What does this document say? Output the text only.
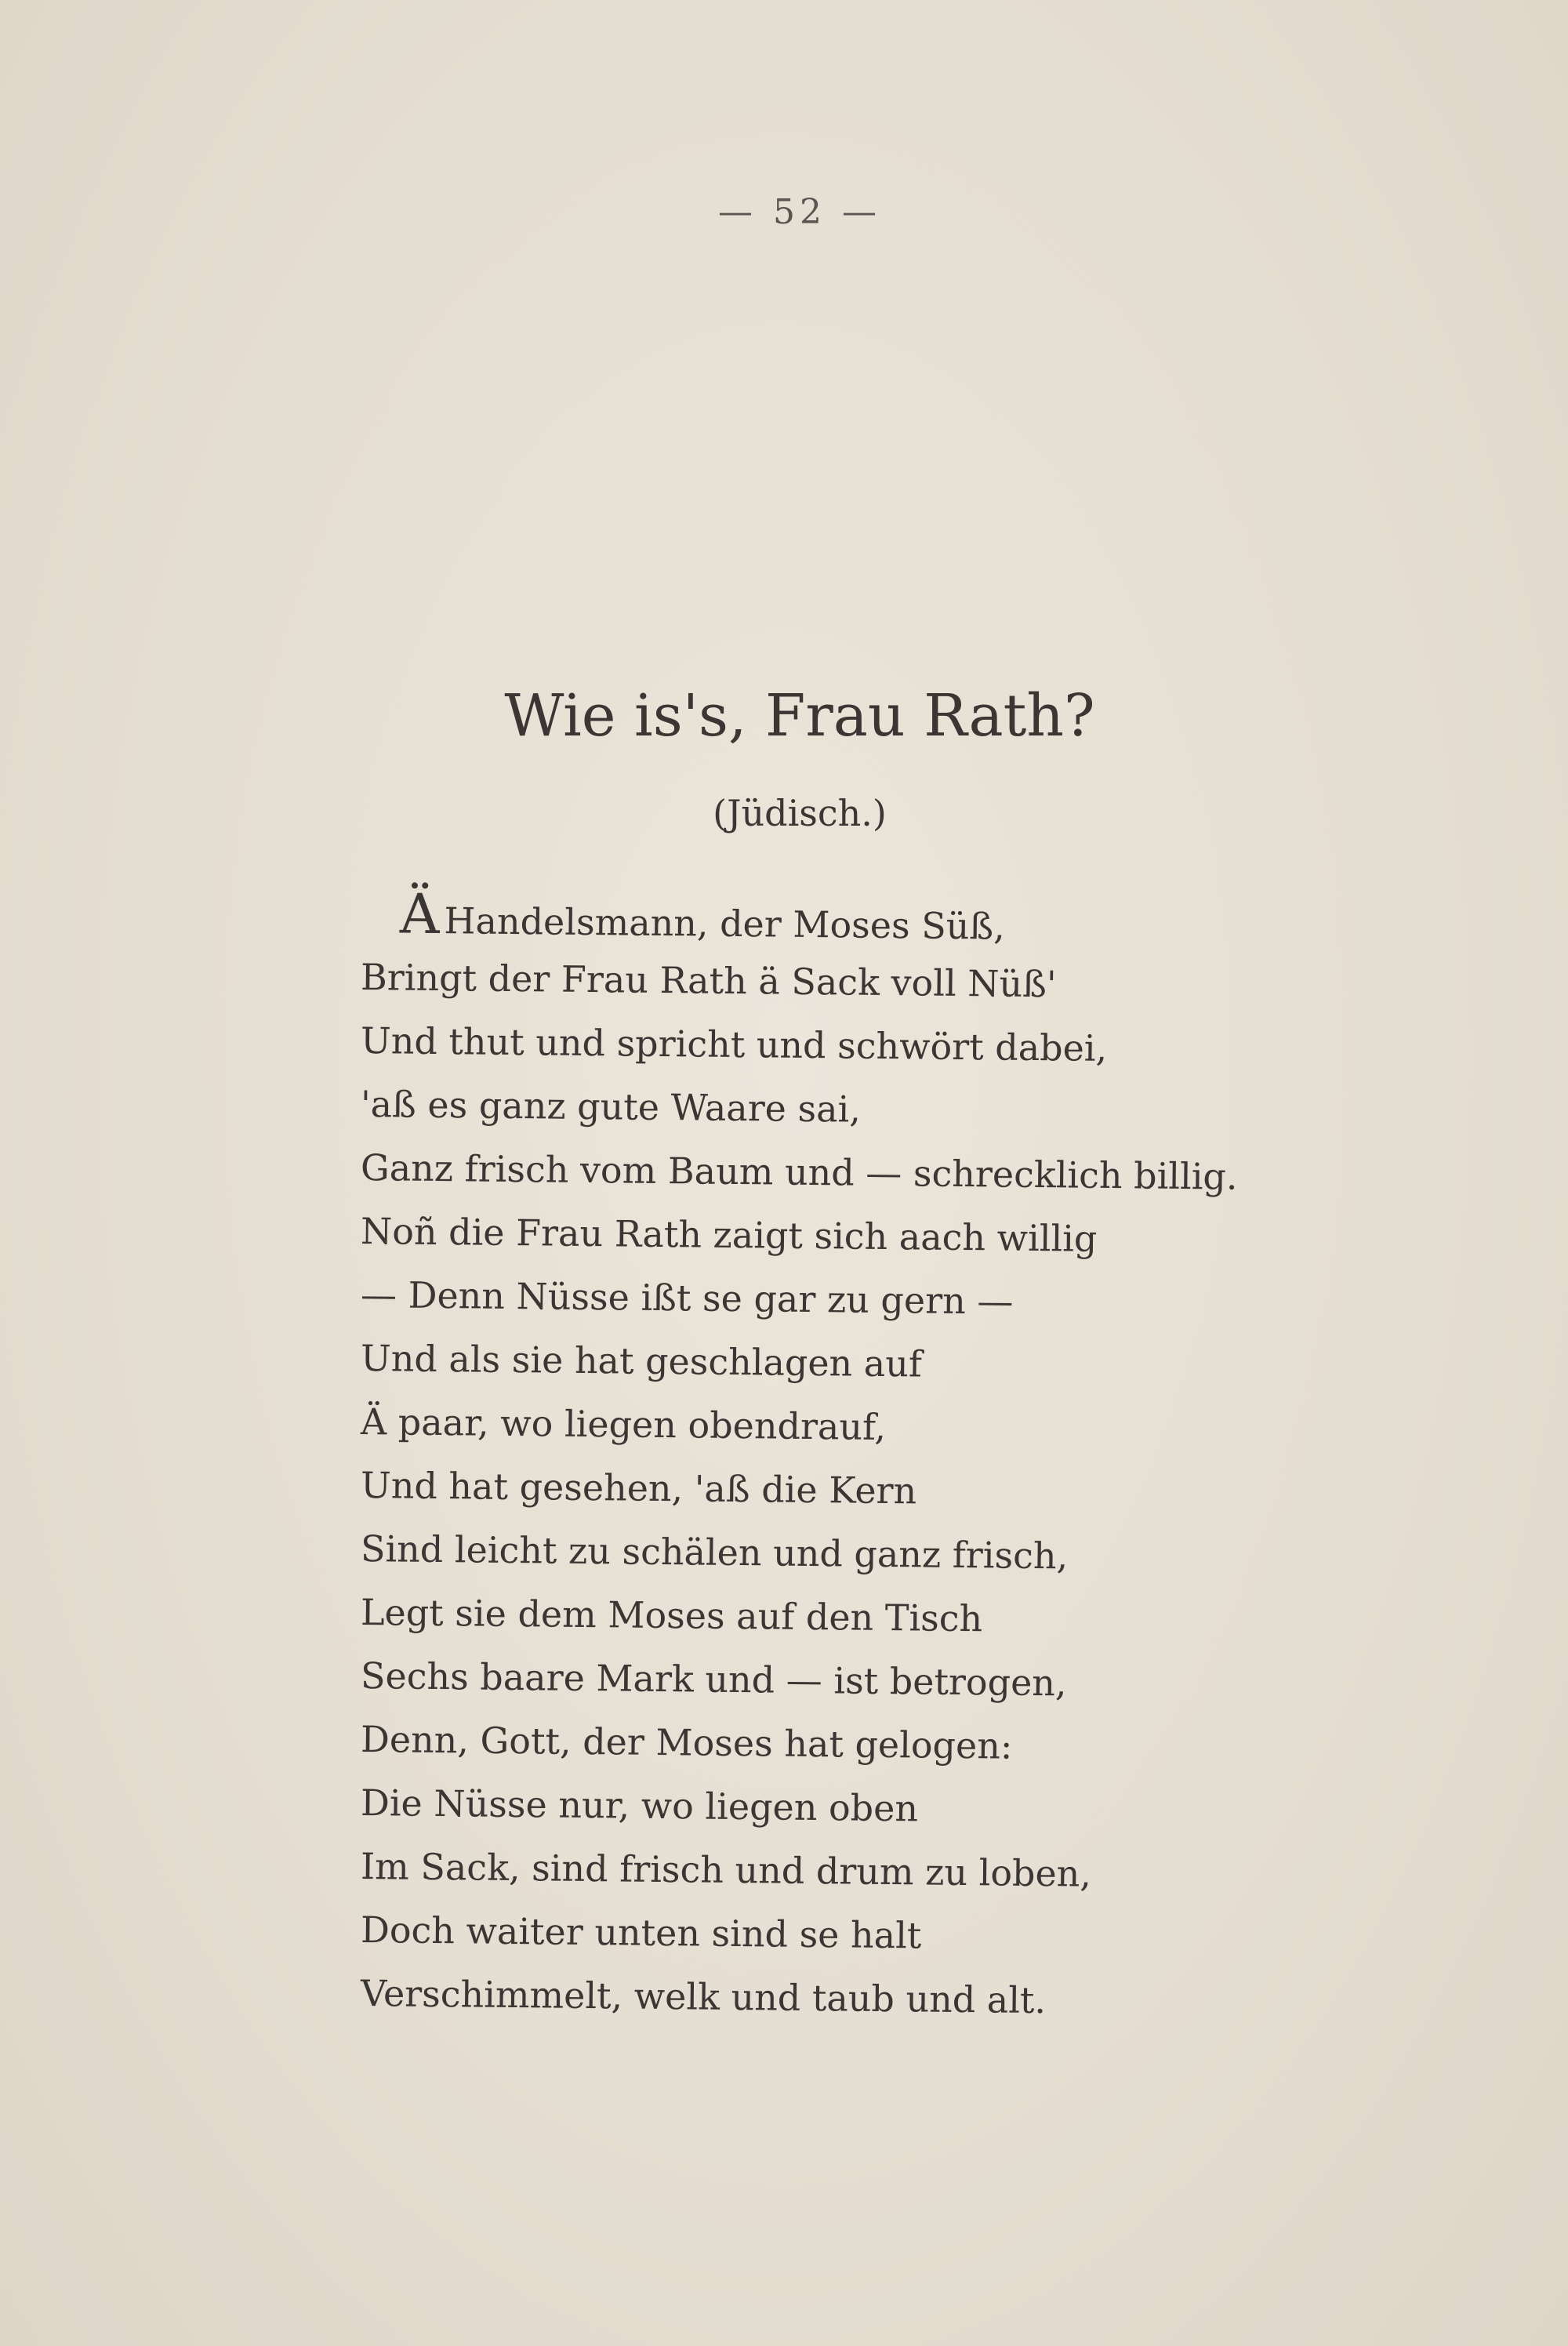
— 52 —
Wie is's, Frau Rath?
(Jüdisch.)
Ä Handelsmann, der Moses Süß,
Bringt der Frau Rath ä Sack voll Nüß'
Und thut und spricht und schwört dabei,
'aß es ganz gute Waare sai,
Ganz frisch vom Baum und — schrecklich billig.
Noñ die Frau Rath zaigt sich aach willig
— Denn Nüsse ißt se gar zu gern —
Und als sie hat geschlagen auf
Ä paar, wo liegen obendrauf,
Und hat gesehen, 'aß die Kern
Sind leicht zu schälen und ganz frisch,
Legt sie dem Moses auf den Tisch
Sechs baare Mark und — ist betrogen,
Denn, Gott, der Moses hat gelogen:
Die Nüsse nur, wo liegen oben
Im Sack, sind frisch und drum zu loben,
Doch waiter unten sind se halt
Verschimmelt, welk und taub und alt.
